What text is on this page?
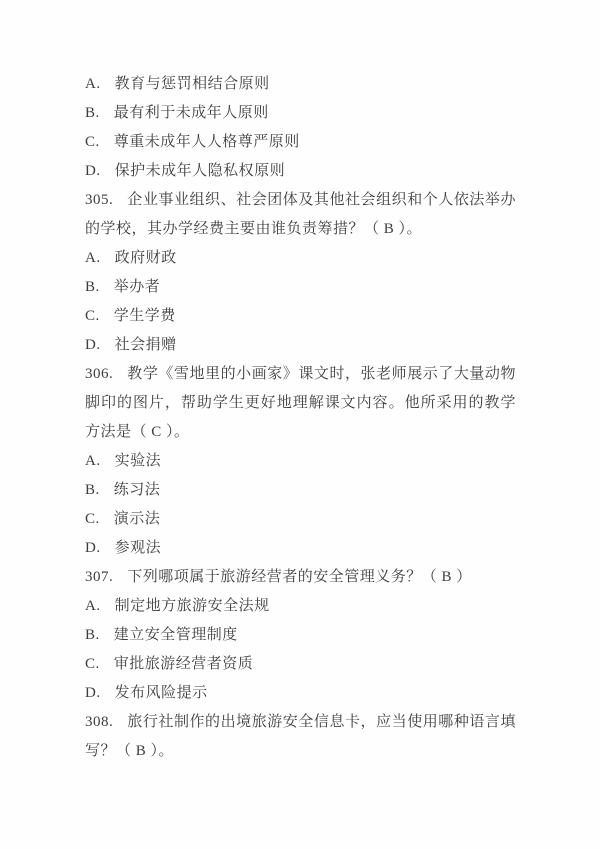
A. 教育与惩罚相结合原则

B. 最有利于未成年人原则

C. 尊重未成年人人格尊严原则

D. 保护未成年人隐私权原则

305. 企业事业组织、社会团体及其他社会组织和个人依法举办的学校，其办学经费主要由谁负责筹措？（ B ）。

A. 政府财政

B. 举办者

C. 学生学费

D. 社会捐赠

306. 教学《雪地里的小画家》课文时，张老师展示了大量动物脚印的图片，帮助学生更好地理解课文内容。他所采用的教学方法是（ C ）。

A. 实验法

B. 练习法

C. 演示法

D. 参观法

307. 下列哪项属于旅游经营者的安全管理义务？（ B ）

A. 制定地方旅游安全法规

B. 建立安全管理制度

C. 审批旅游经营者资质

D. 发布风险提示

308. 旅行社制作的出境旅游安全信息卡，应当使用哪种语言填写？（ B ）。
